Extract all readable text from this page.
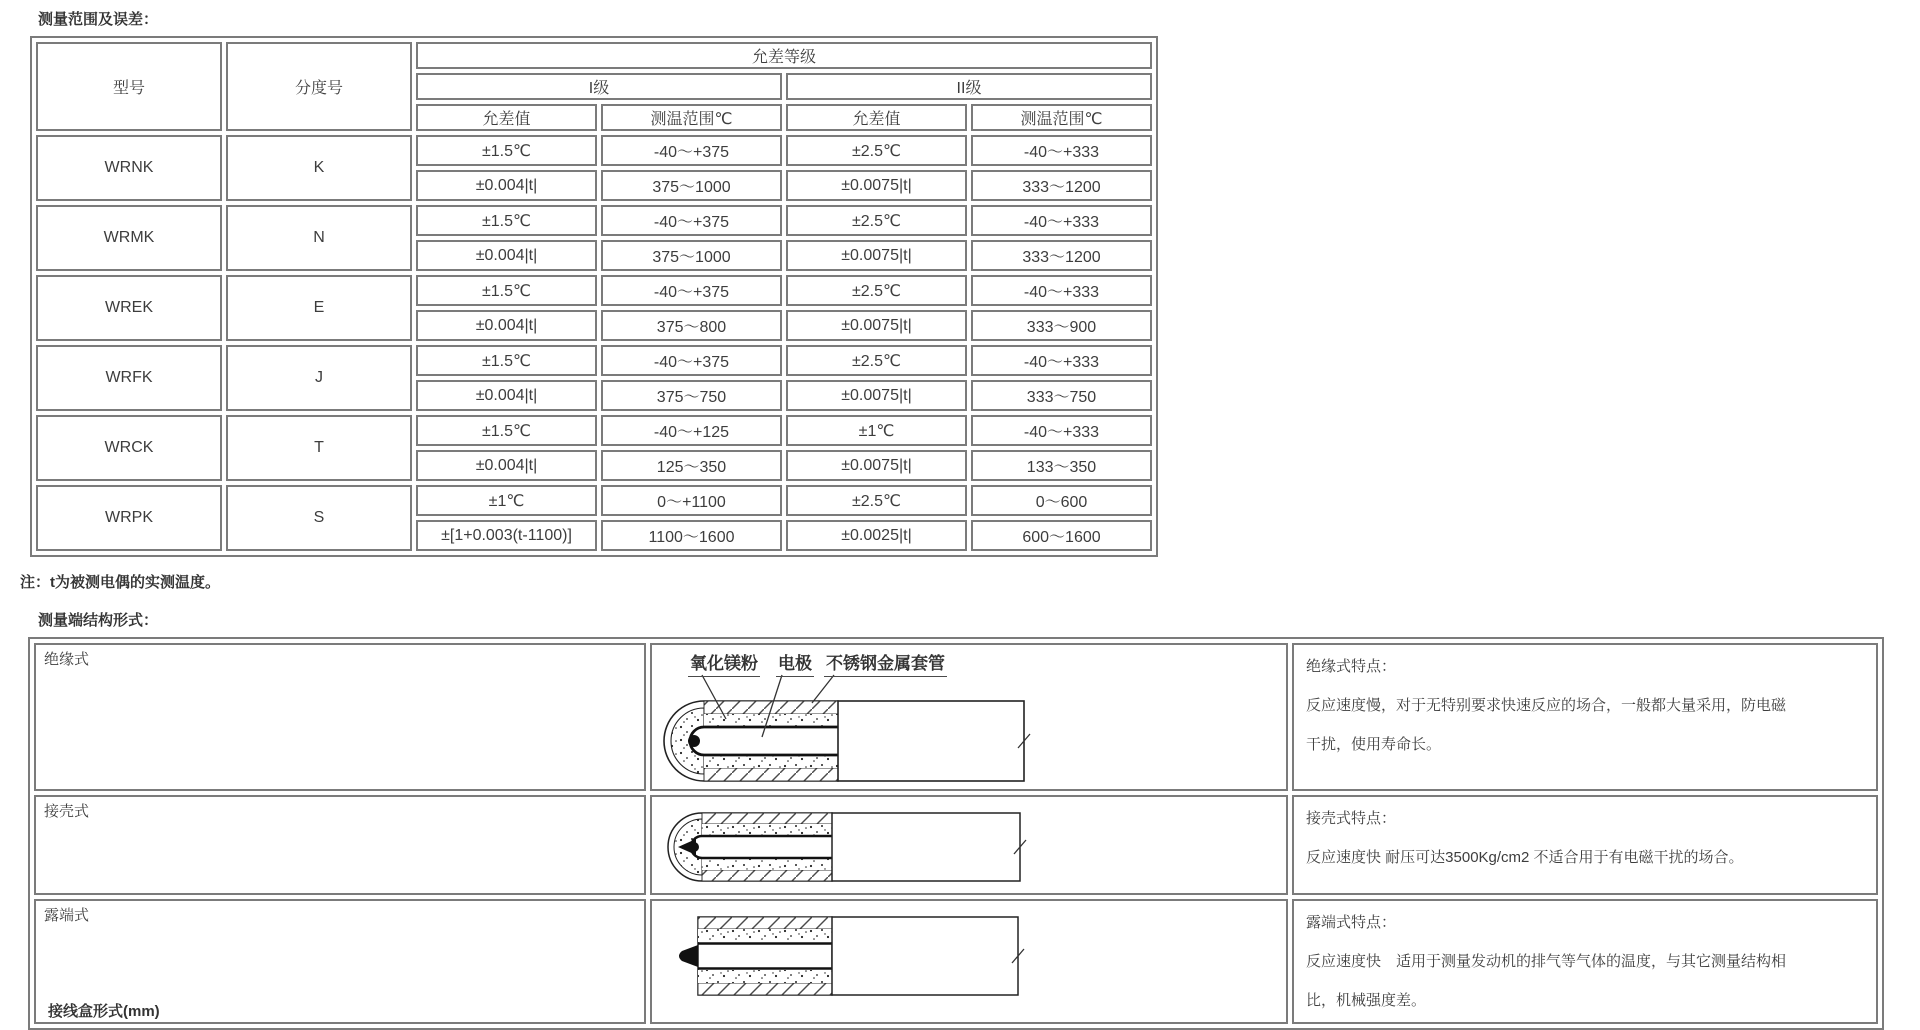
测量范围及误差：
型号	分度号	允差等级			
		I级		II级	
		允差值	测温范围℃	允差值	测温范围℃
WRNK	K	±1.5℃	-40～+375	±2.5℃	-40～+333
		±0.004|t|	375～1000	±0.0075|t|	333～1200
WRMK	N	±1.5℃	-40～+375	±2.5℃	-40～+333
		±0.004|t|	375～1000	±0.0075|t|	333～1200
WREK	E	±1.5℃	-40～+375	±2.5℃	-40～+333
		±0.004|t|	375～800	±0.0075|t|	333～900
WRFK	J	±1.5℃	-40～+375	±2.5℃	-40～+333
		±0.004|t|	375～750	±0.0075|t|	333～750
WRCK	T	±1.5℃	-40～+125	±1℃	-40～+333
		±0.004|t|	125～350	±0.0075|t|	133～350
WRPK	S	±1℃	0～+1100	±2.5℃	0～600
		±[1+0.003(t-1100)]	1100～1600	±0.0025|t|	600～1600
注：t为被测电偶的实测温度。
测量端结构形式：
绝缘式	氧化镁粉 电极 不锈钢金属套管	绝缘式特点：
反应速度慢，对于无特别要求快速反应的场合，一般都大量采用，防电磁
干扰，使用寿命长。

接壳式		接壳式特点：
反应速度快 耐压可达3500Kg/cm2 不适合用于有电磁干扰的场合。

露端式		露端式特点：
反应速度快　适用于测量发动机的排气等气体的温度，与其它测量结构相
比，机械强度差。
接线盒形式(mm)
